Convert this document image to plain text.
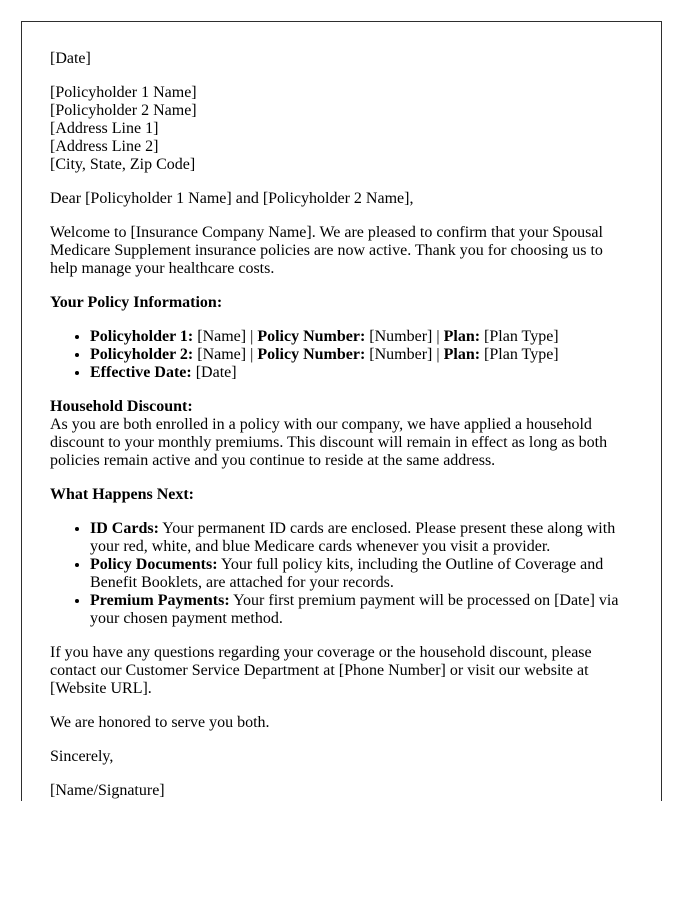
[Date]

[Policyholder 1 Name]
[Policyholder 2 Name]
[Address Line 1]
[Address Line 2]
[City, State, Zip Code]

Dear [Policyholder 1 Name] and [Policyholder 2 Name],

Welcome to [Insurance Company Name]. We are pleased to confirm that your Spousal Medicare Supplement insurance policies are now active. Thank you for choosing us to help manage your healthcare costs.

Your Policy Information:

• Policyholder 1: [Name] | Policy Number: [Number] | Plan: [Plan Type]
• Policyholder 2: [Name] | Policy Number: [Number] | Plan: [Plan Type]
• Effective Date: [Date]

Household Discount:
As you are both enrolled in a policy with our company, we have applied a household discount to your monthly premiums. This discount will remain in effect as long as both policies remain active and you continue to reside at the same address.

What Happens Next:

• ID Cards: Your permanent ID cards are enclosed. Please present these along with your red, white, and blue Medicare cards whenever you visit a provider.
• Policy Documents: Your full policy kits, including the Outline of Coverage and Benefit Booklets, are attached for your records.
• Premium Payments: Your first premium payment will be processed on [Date] via your chosen payment method.

If you have any questions regarding your coverage or the household discount, please contact our Customer Service Department at [Phone Number] or visit our website at [Website URL].

We are honored to serve you both.

Sincerely,

[Name/Signature]
